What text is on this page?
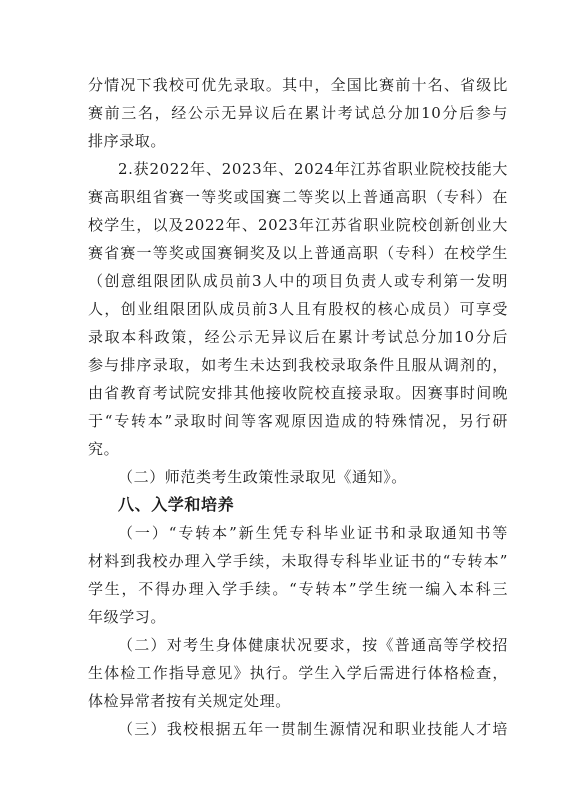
分情况下我校可优先录取。其中，全国比赛前十名、省级比
赛前三名，经公示无异议后在累计考试总分加10分后参与
排序录取。
2.获2022年、2023年、2024年江苏省职业院校技能大
赛高职组省赛一等奖或国赛二等奖以上普通高职（专科）在
校学生，以及2022年、2023年江苏省职业院校创新创业大
赛省赛一等奖或国赛铜奖及以上普通高职（专科）在校学生
（创意组限团队成员前3人中的项目负责人或专利第一发明
人，创业组限团队成员前3人且有股权的核心成员）可享受
录取本科政策，经公示无异议后在累计考试总分加10分后
参与排序录取，如考生未达到我校录取条件且服从调剂的，
由省教育考试院安排其他接收院校直接录取。因赛事时间晚
于“专转本”录取时间等客观原因造成的特殊情况，另行研
究。
（二）师范类考生政策性录取见《通知》。
八、入学和培养
（一）“专转本”新生凭专科毕业证书和录取通知书等
材料到我校办理入学手续，未取得专科毕业证书的“专转本”
学生，不得办理入学手续。“专转本”学生统一编入本科三
年级学习。
（二）对考生身体健康状况要求，按《普通高等学校招
生体检工作指导意见》执行。学生入学后需进行体格检查，
体检异常者按有关规定处理。
（三）我校根据五年一贯制生源情况和职业技能人才培
